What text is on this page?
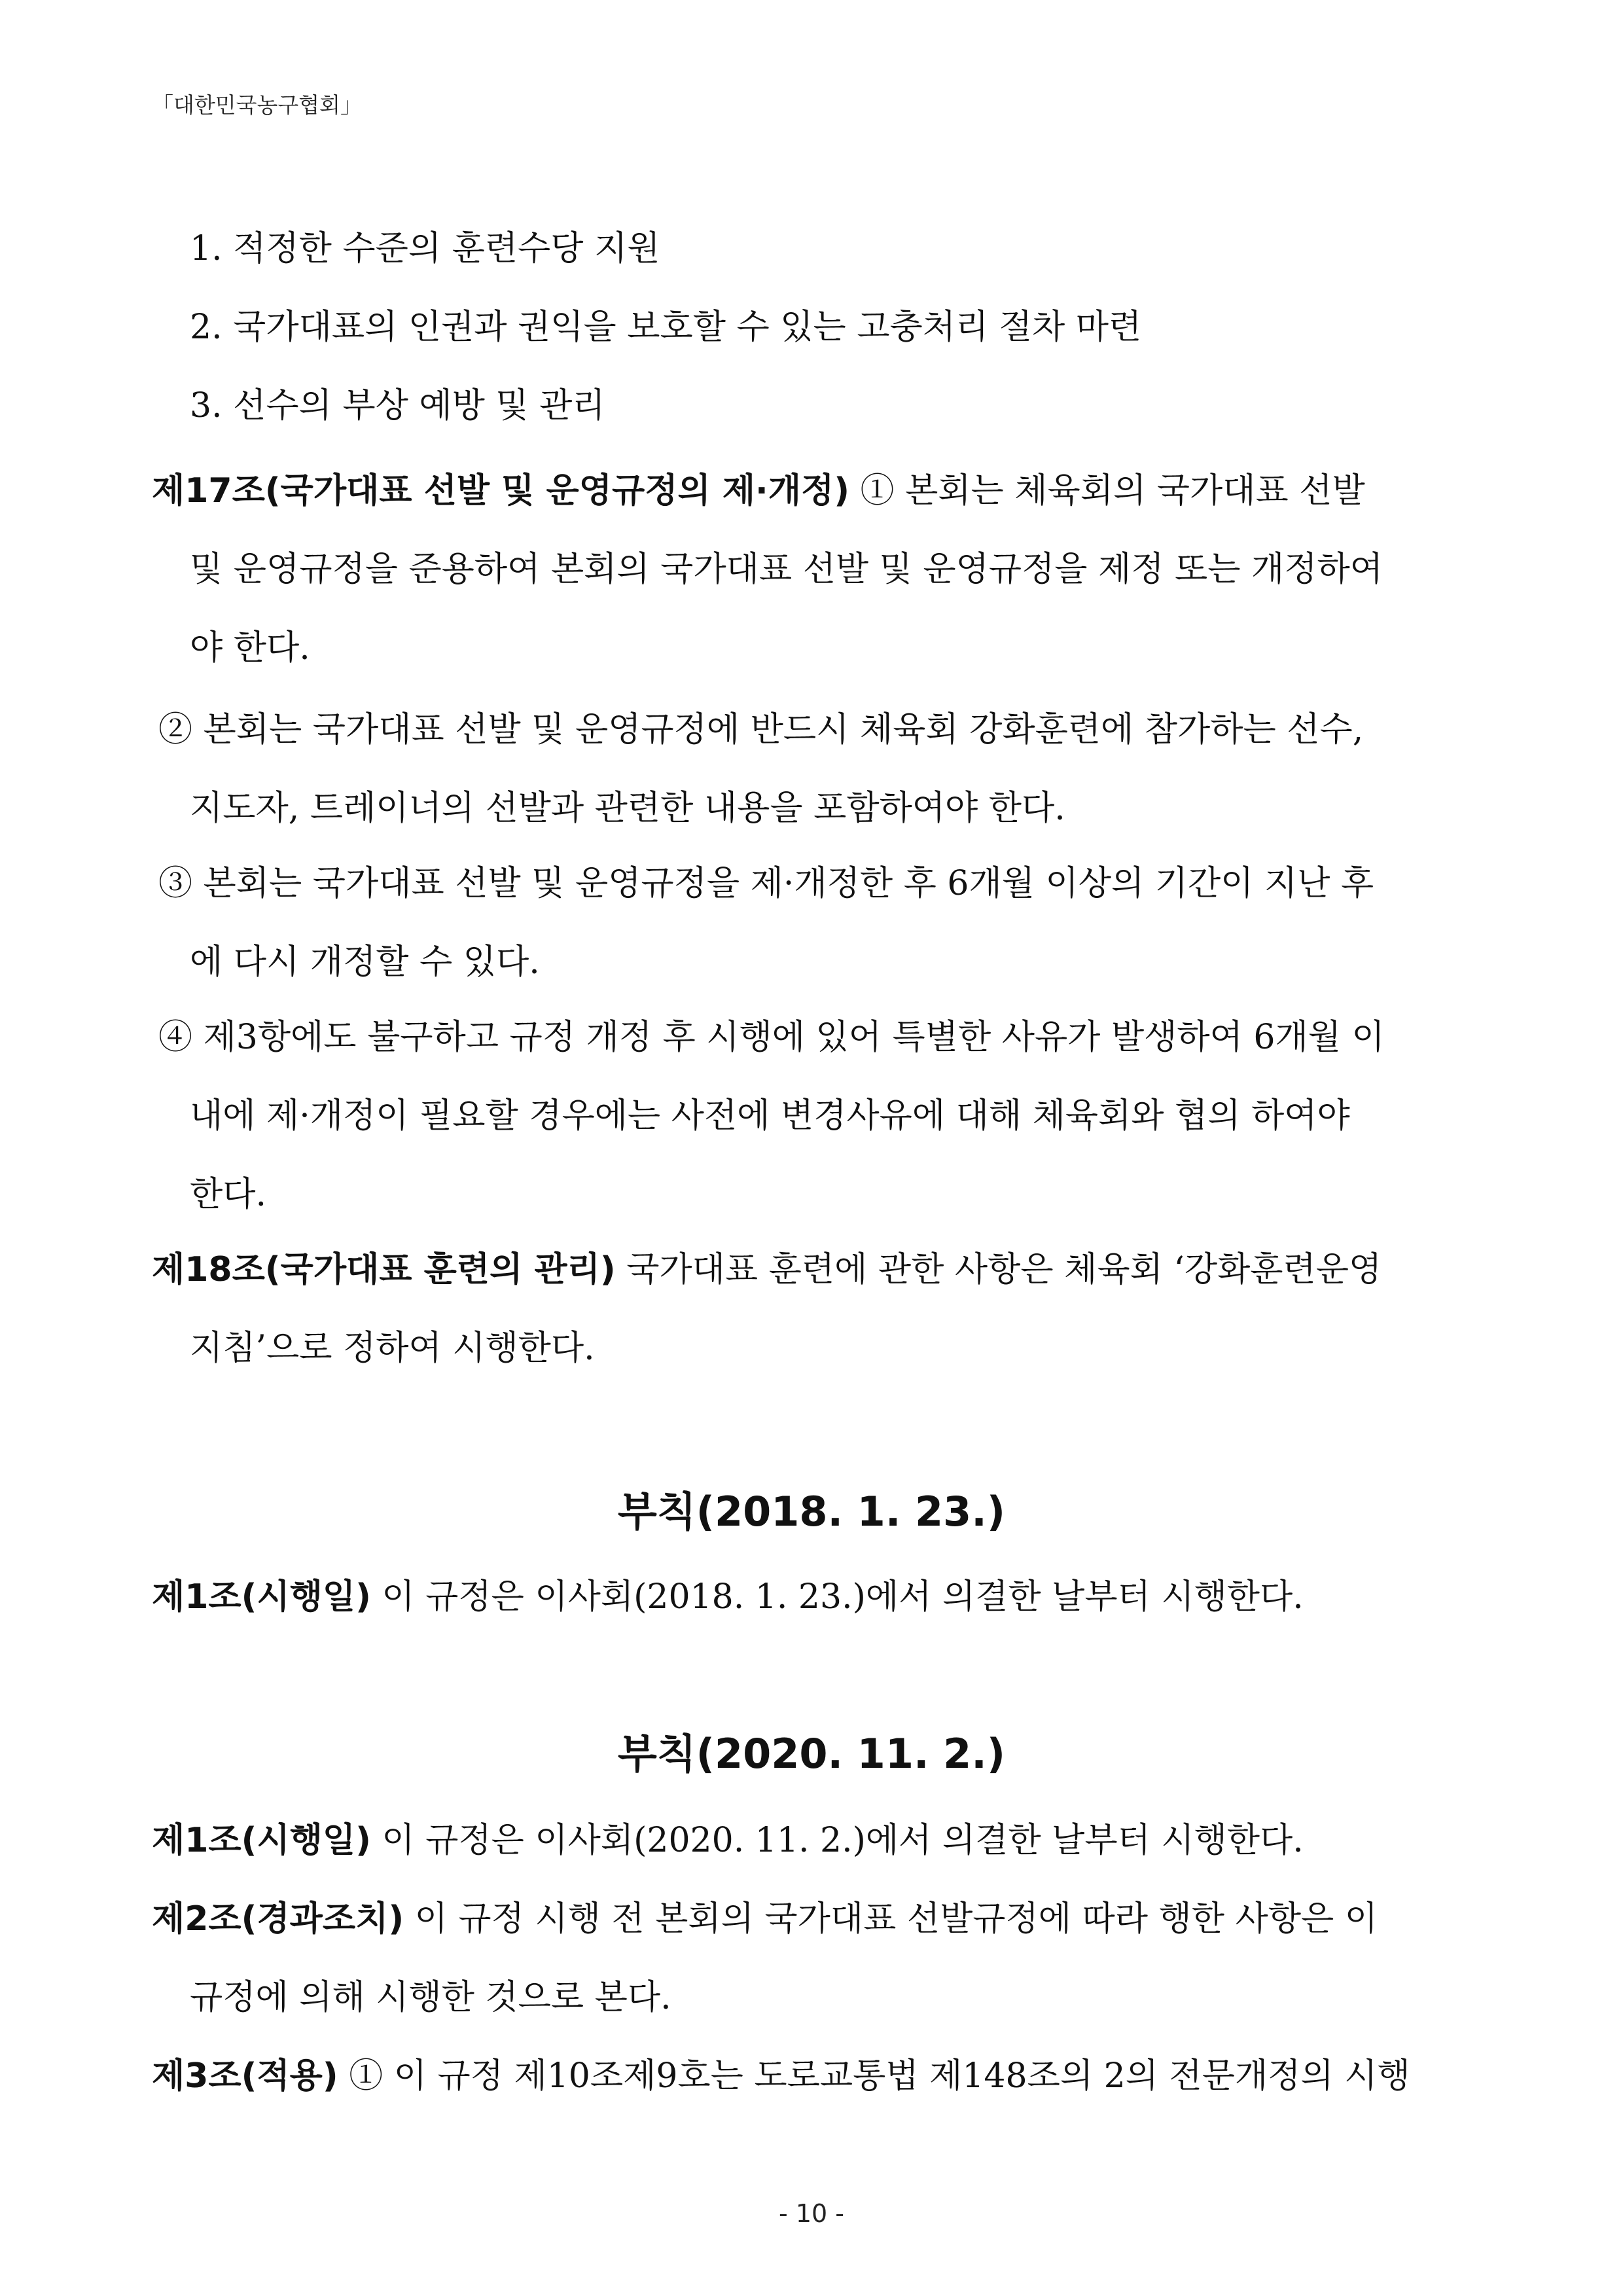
「대한민국농구협회」
1. 적정한 수준의 훈련수당 지원
2. 국가대표의 인권과 권익을 보호할 수 있는 고충처리 절차 마련
3. 선수의 부상 예방 및 관리
제17조(국가대표 선발 및 운영규정의 제·개정) ① 본회는 체육회의 국가대표 선발
및 운영규정을 준용하여 본회의 국가대표 선발 및 운영규정을 제정 또는 개정하여
야 한다.
② 본회는 국가대표 선발 및 운영규정에 반드시 체육회 강화훈련에 참가하는 선수,
지도자, 트레이너의 선발과 관련한 내용을 포함하여야 한다.
③ 본회는 국가대표 선발 및 운영규정을 제·개정한 후 6개월 이상의 기간이 지난 후
에 다시 개정할 수 있다.
④ 제3항에도 불구하고 규정 개정 후 시행에 있어 특별한 사유가 발생하여 6개월 이
내에 제·개정이 필요할 경우에는 사전에 변경사유에 대해 체육회와 협의 하여야
한다.
제18조(국가대표 훈련의 관리) 국가대표 훈련에 관한 사항은 체육회 ‘강화훈련운영
지침’으로 정하여 시행한다.
부칙(2018. 1. 23.)
제1조(시행일) 이 규정은 이사회(2018. 1. 23.)에서 의결한 날부터 시행한다.
부칙(2020. 11. 2.)
제1조(시행일) 이 규정은 이사회(2020. 11. 2.)에서 의결한 날부터 시행한다.
제2조(경과조치) 이 규정 시행 전 본회의 국가대표 선발규정에 따라 행한 사항은 이
규정에 의해 시행한 것으로 본다.
제3조(적용) ① 이 규정 제10조제9호는 도로교통법 제148조의 2의 전문개정의 시행
- 10 -
